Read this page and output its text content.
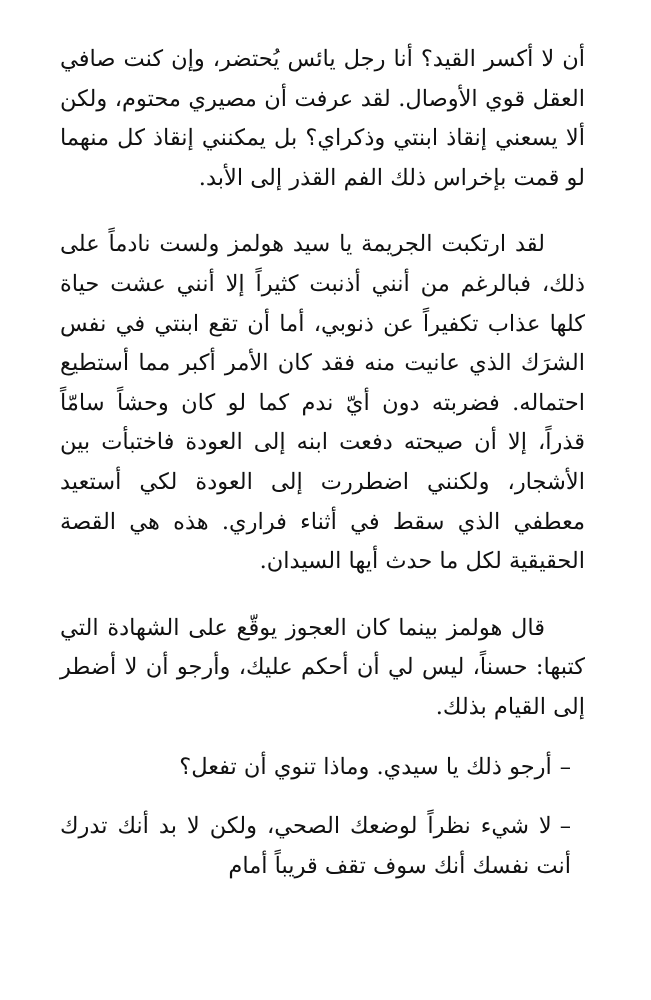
أن لا أكسر القيد؟ أنا رجل يائس يُحتضر، وإن كنت صافي العقل قوي الأوصال. لقد عرفت أن مصيري محتوم، ولكن ألا يسعني إنقاذ ابنتي وذكراي؟ بل يمكنني إنقاذ كل منهما لو قمت بإخراس ذلك الفم القذر إلى الأبد.

لقد ارتكبت الجريمة يا سيد هولمز ولست نادماً على ذلك، فبالرغم من أنني أذنبت كثيراً إلا أنني عشت حياة كلها عذاب تكفيراً عن ذنوبي، أما أن تقع ابنتي في نفس الشرَك الذي عانيت منه فقد كان الأمر أكبر مما أستطيع احتماله. فضربته دون أيّ ندم كما لو كان وحشاً سامّاً قذراً، إلا أن صيحته دفعت ابنه إلى العودة فاختبأت بين الأشجار، ولكنني اضطررت إلى العودة لكي أستعيد معطفي الذي سقط في أثناء فراري. هذه هي القصة الحقيقية لكل ما حدث أيها السيدان.

قال هولمز بينما كان العجوز يوقّع على الشهادة التي كتبها: حسناً، ليس لي أن أحكم عليك، وأرجو أن لا أضطر إلى القيام بذلك.

–أرجو ذلك يا سيدي. وماذا تنوي أن تفعل؟

–لا شيء نظراً لوضعك الصحي، ولكن لا بد أنك تدرك أنت نفسك أنك سوف تقف قريباً أمام
